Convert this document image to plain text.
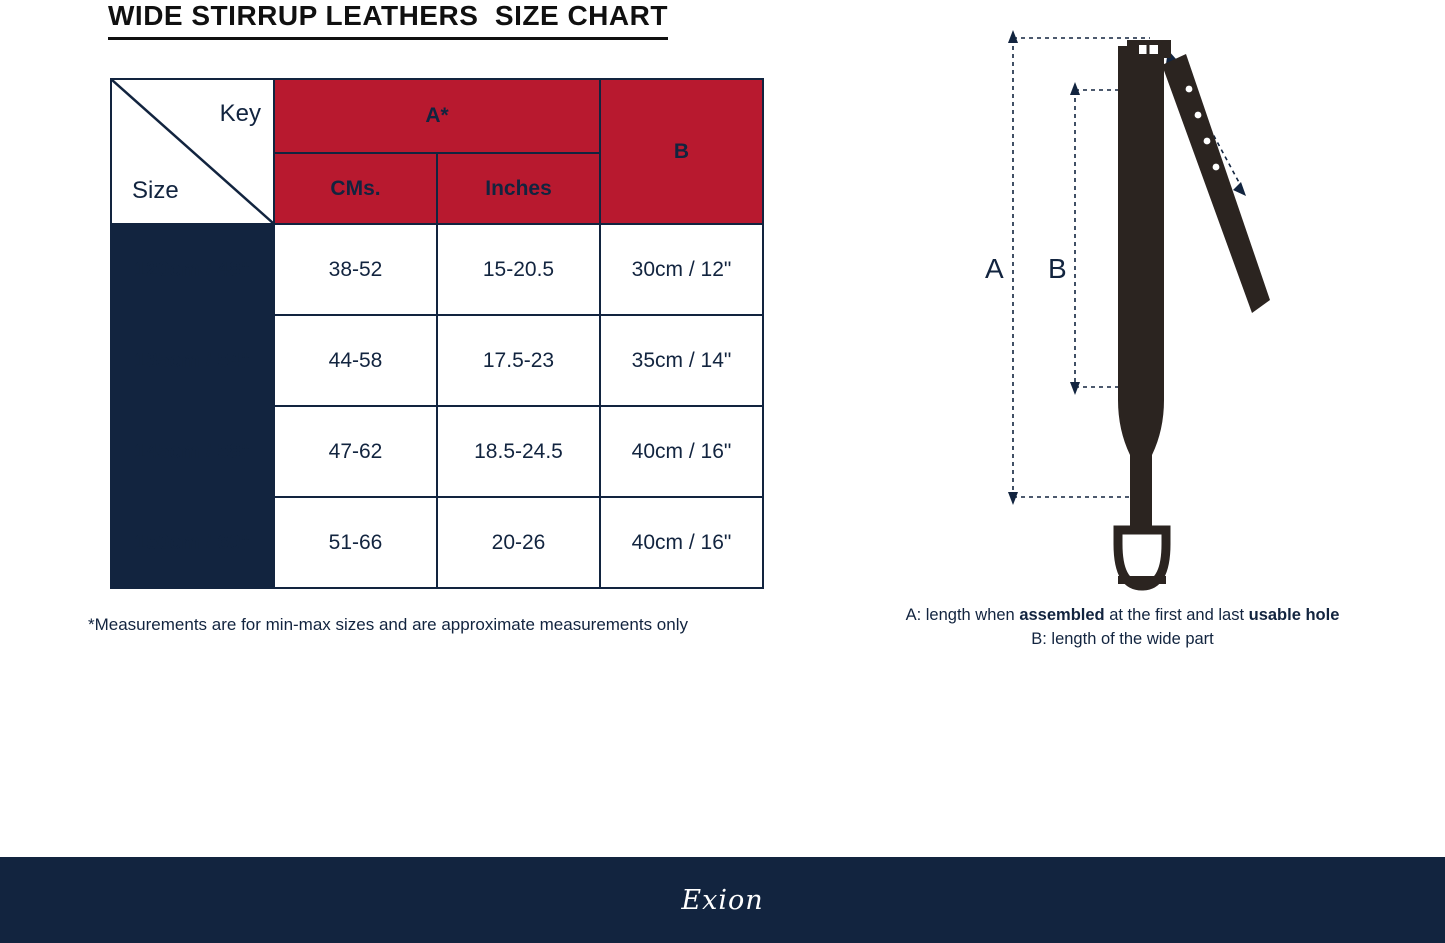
WIDE STIRRUP LEATHERS  SIZE CHART
Key
Size	A*		B
	CMs.	Inches	
120cm / 48"	38-52	15-20.5	30cm / 12"
135cm / 54"	44-58	17.5-23	35cm / 14"
145cm / 58"	47-62	18.5-24.5	40cm / 16"
150cm / 60"	51-66	20-26	40cm / 16"
*Measurements are for min-max sizes and are approximate measurements only
A B
A: length when assembled at the first and last usable hole
B: length of the wide part
Exion
